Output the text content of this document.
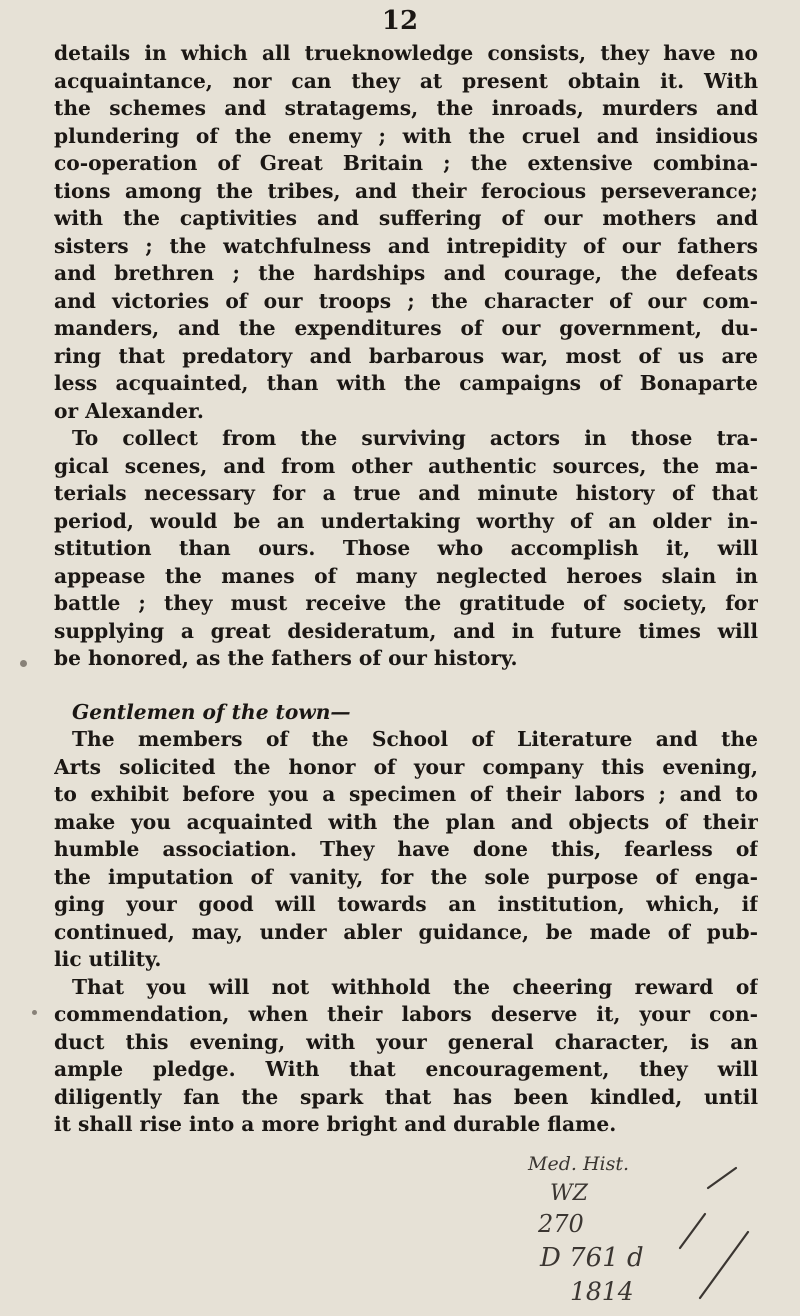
12
details in which all trueknowledge consists, they have no
acquaintance, nor can they at present obtain it. With
the schemes and stratagems, the inroads, murders and
plundering of the enemy ; with the cruel and insidious
co-operation of Great Britain ; the extensive combina-
tions among the tribes, and their ferocious perseverance;
with the captivities and suffering of our mothers and
sisters ; the watchfulness and intrepidity of our fathers
and brethren ; the hardships and courage, the defeats
and victories of our troops ; the character of our com-
manders, and the expenditures of our government, du-
ring that predatory and barbarous war, most of us are
less acquainted, than with the campaigns of Bonaparte
or Alexander.
To collect from the surviving actors in those tra-
gical scenes, and from other authentic sources, the ma-
terials necessary for a true and minute history of that
period, would be an undertaking worthy of an older in-
stitution than ours. Those who accomplish it, will
appease the manes of many neglected heroes slain in
battle ; they must receive the gratitude of society, for
supplying a great desideratum, and in future times will
be honored, as the fathers of our history.
Gentlemen of the town—
The members of the School of Literature and the
Arts solicited the honor of your company this evening,
to exhibit before you a specimen of their labors ; and to
make you acquainted with the plan and objects of their
humble association. They have done this, fearless of
the imputation of vanity, for the sole purpose of enga-
ging your good will towards an institution, which, if
continued, may, under abler guidance, be made of pub-
lic utility.
That you will not withhold the cheering reward of
commendation, when their labors deserve it, your con-
duct this evening, with your general character, is an
ample pledge. With that encouragement, they will
diligently fan the spark that has been kindled, until
it shall rise into a more bright and durable flame.
Med. Hist.
WZ
270
D 761 d
1814
